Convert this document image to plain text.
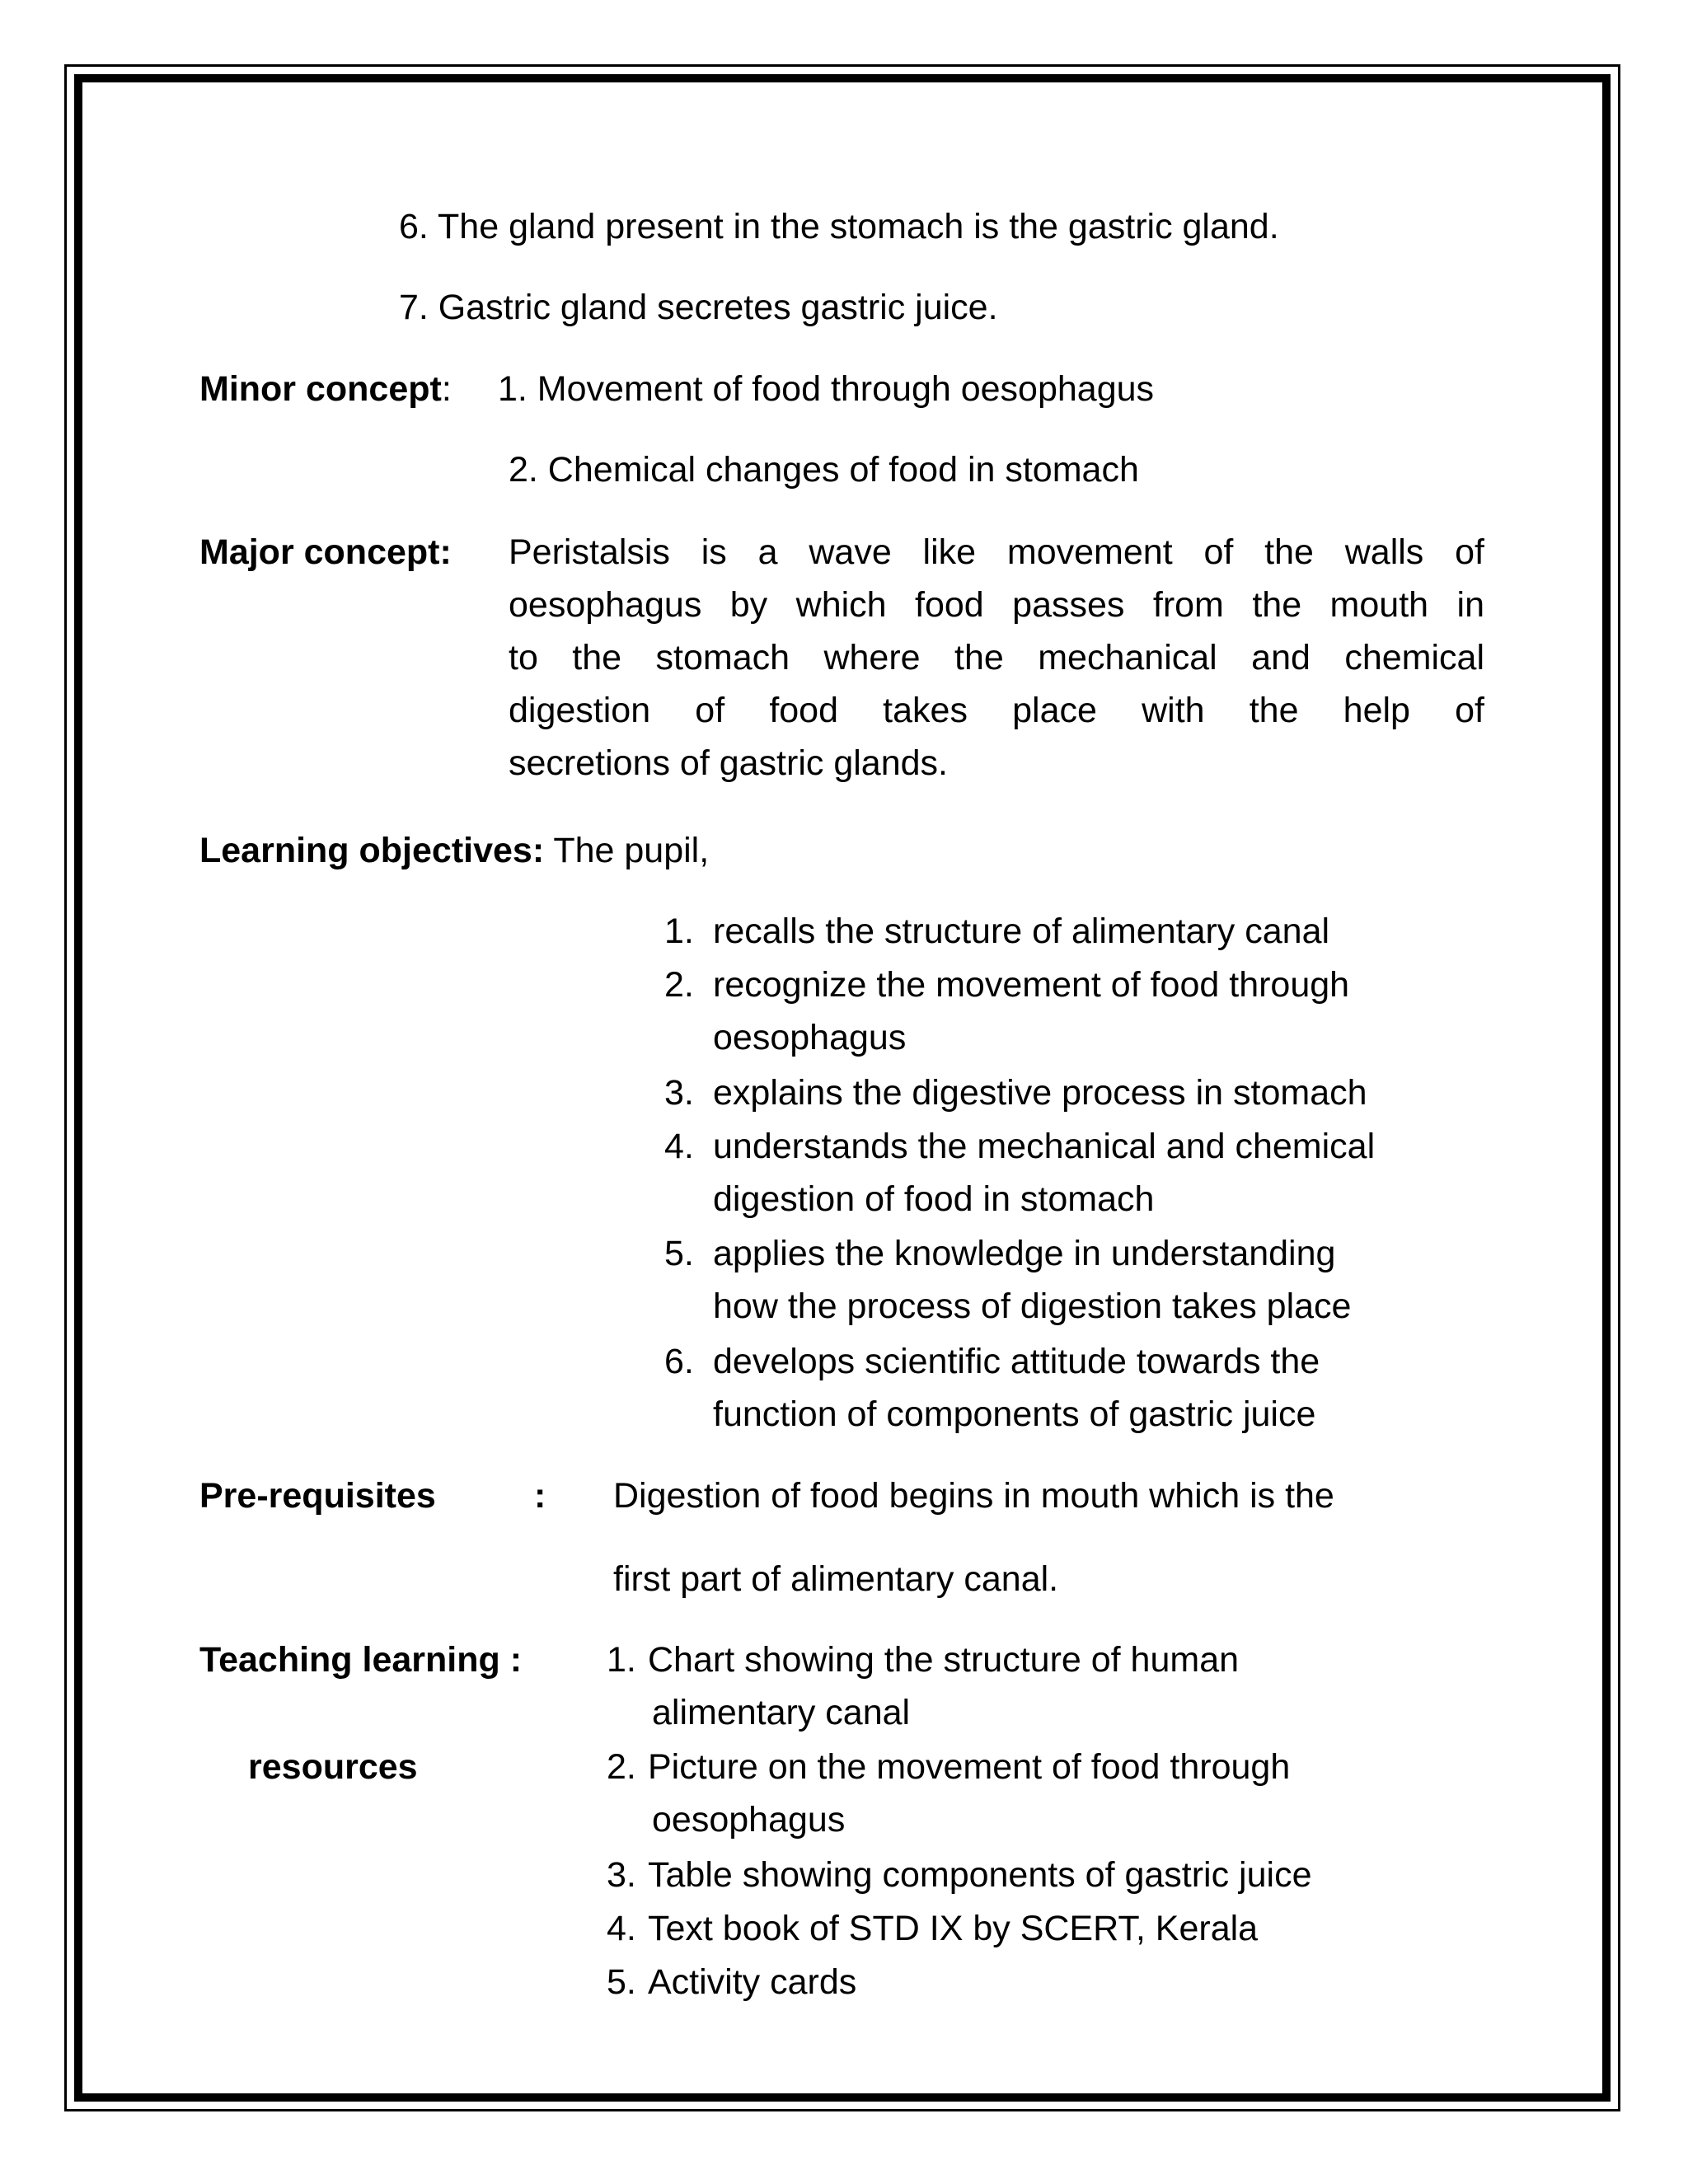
6. The gland present in the stomach is the gastric gland.
7. Gastric gland secretes gastric juice.
Minor concept: 1. Movement of food through oesophagus
2. Chemical changes of food in stomach
Major concept: Peristalsis is a wave like movement of the walls of
oesophagus by which food passes from the mouth in
to the stomach where the mechanical and chemical
digestion of food takes place with the help of
secretions of gastric glands.
Learning objectives: The pupil,
1. recalls the structure of alimentary canal
2. recognize the movement of food through
oesophagus
3. explains the digestive process in stomach
4. understands the mechanical and chemical
digestion of food in stomach
5. applies the knowledge in understanding
how the process of digestion takes place
6. develops scientific attitude towards the
function of components of gastric juice
Pre-requisites	: Digestion of food begins in mouth which is the
first part of alimentary canal.
Teaching learning :
resources
1. Chart showing the structure of human
alimentary canal
2. Picture on the movement of food through
oesophagus
3. Table showing components of gastric juice
4. Text book of STD IX by SCERT, Kerala
5. Activity cards
